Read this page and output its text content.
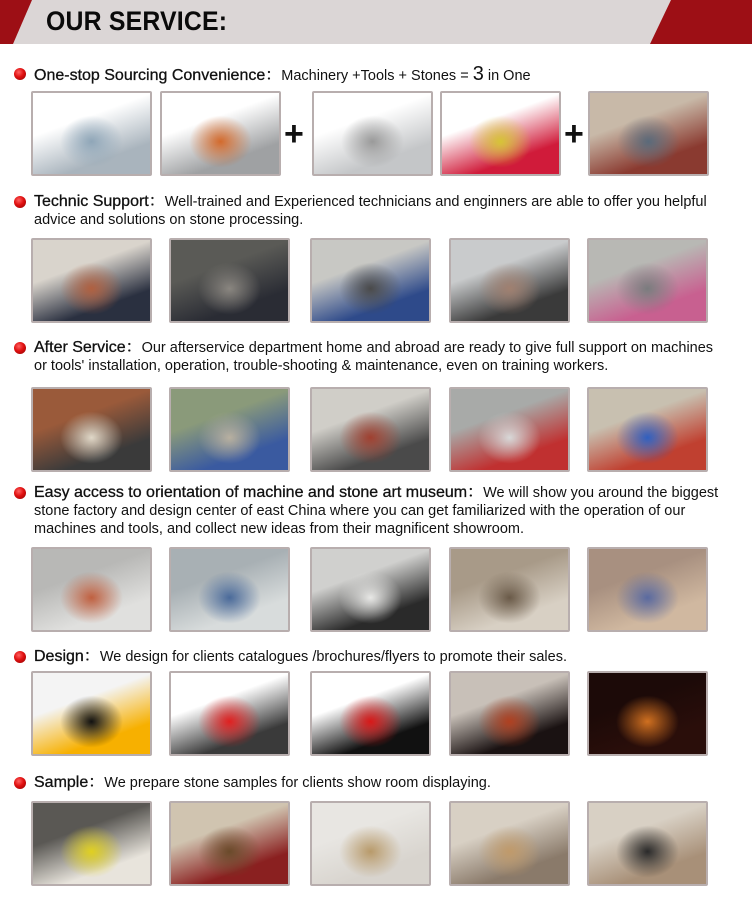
OUR SERVICE:
One-stop Sourcing Convenience：Machinery +Tools + Stones = 3 in One
+	+
Technic Support：Well-trained and Experienced technicians and enginners are able to offer you helpful advice and solutions on stone processing.
After Service：Our afterservice department home and abroad are ready to give full support on machines or tools' installation, operation, trouble-shooting & maintenance, even on training workers.
Easy access to orientation of machine and stone art museum：We will show you around the biggest stone factory and design center of east China where you can get familiarized with the operation of our machines and tools, and collect new ideas from their magnificent showroom.
Design：We design for clients catalogues /brochures/flyers to promote their sales.
Sample：We prepare stone samples for clients show room displaying.
